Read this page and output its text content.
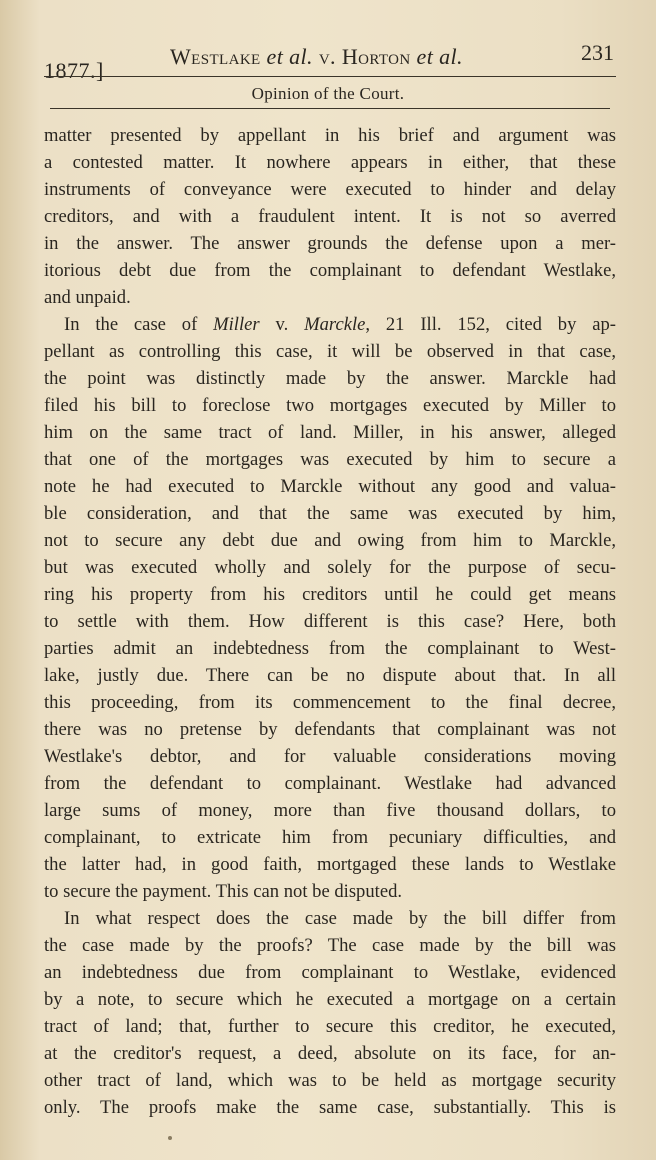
1877.]
Westlake et al. v. Horton et al.	231
Opinion of the Court.
matter presented by appellant in his brief and argument was
a contested matter. It nowhere appears in either, that these
instruments of conveyance were executed to hinder and delay
creditors, and with a fraudulent intent. It is not so averred
in the answer. The answer grounds the defense upon a mer-
itorious debt due from the complainant to defendant Westlake,
and unpaid.
In the case of Miller v. Marckle, 21 Ill. 152, cited by ap-
pellant as controlling this case, it will be observed in that case,
the point was distinctly made by the answer. Marckle had
filed his bill to foreclose two mortgages executed by Miller to
him on the same tract of land. Miller, in his answer, alleged
that one of the mortgages was executed by him to secure a
note he had executed to Marckle without any good and valua-
ble consideration, and that the same was executed by him,
not to secure any debt due and owing from him to Marckle,
but was executed wholly and solely for the purpose of secu-
ring his property from his creditors until he could get means
to settle with them. How different is this case? Here, both
parties admit an indebtedness from the complainant to West-
lake, justly due. There can be no dispute about that. In all
this proceeding, from its commencement to the final decree,
there was no pretense by defendants that complainant was not
Westlake's debtor, and for valuable considerations moving
from the defendant to complainant. Westlake had advanced
large sums of money, more than five thousand dollars, to
complainant, to extricate him from pecuniary difficulties, and
the latter had, in good faith, mortgaged these lands to Westlake
to secure the payment. This can not be disputed.
In what respect does the case made by the bill differ from
the case made by the proofs? The case made by the bill was
an indebtedness due from complainant to Westlake, evidenced
by a note, to secure which he executed a mortgage on a certain
tract of land; that, further to secure this creditor, he executed,
at the creditor's request, a deed, absolute on its face, for an-
other tract of land, which was to be held as mortgage security
only. The proofs make the same case, substantially. This is
